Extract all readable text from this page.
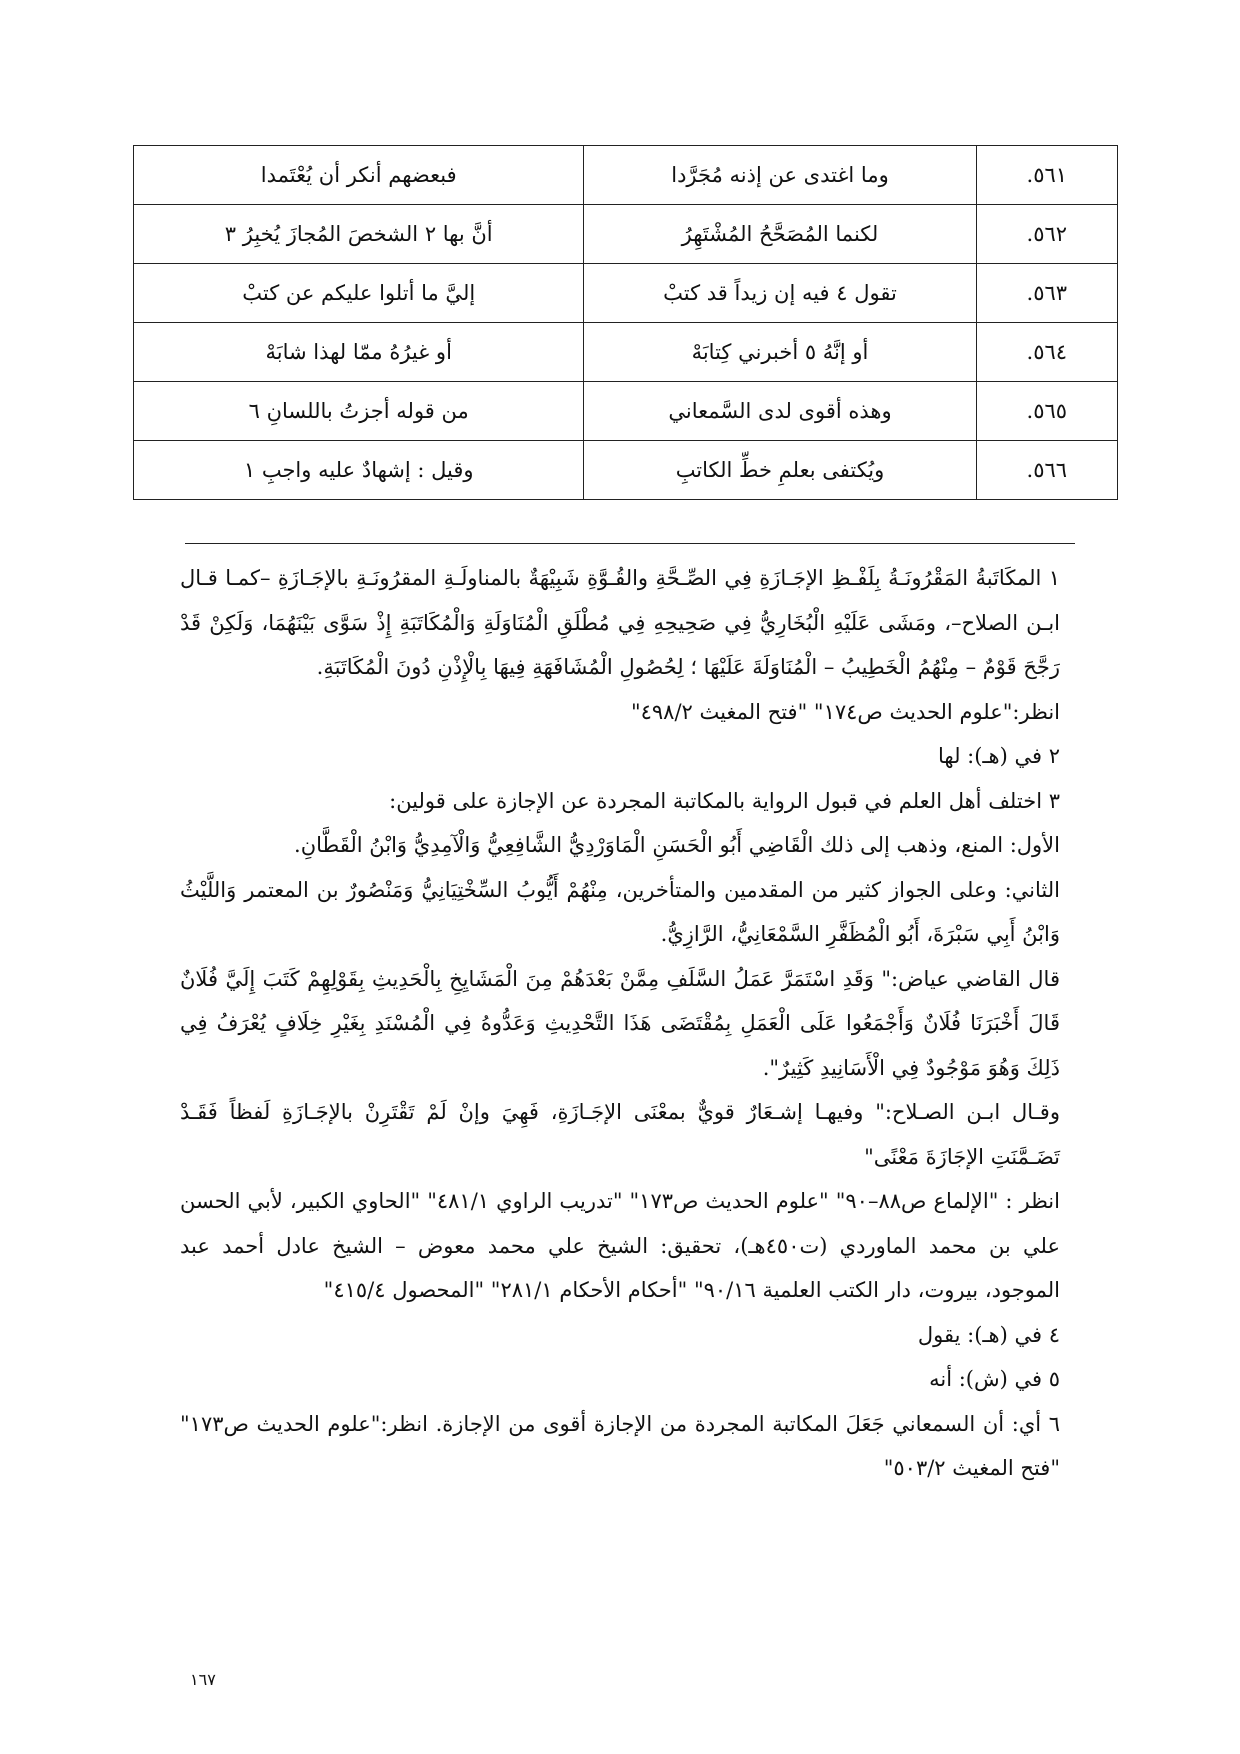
٥٦١.	وما اغتدى عن إذنه مُجَرَّدا	فبعضهم أنكر أن يُعْتَمدا
٥٦٢.	لكنما المُصَحَّحُ المُشْتَهِرُ	أنَّ بها ٢ الشخصَ المُجازَ يُخبِرُ ٣
٥٦٣.	تقول ٤ فيه إن زيداً قد كتبْ	إليَّ ما أتلوا عليكم عن كتبْ
٥٦٤.	أو إنَّهُ ٥ أخبرني كِتابَهْ	أو غيرُهُ ممّا لهذا شابَهْ
٥٦٥.	وهذه أقوى لدى السَّمعاني	من قوله أجزتُ باللسانِ ٦
٥٦٦.	ويُكتفى بعلمِ خطِّ الكاتبِ	وقيل : إشهادٌ عليه واجبِ ١

١ المكَاتَبةُ المَقْرُونَـةُ بِلَفْـظِ الإجَـازَةِ فِي الصِّـحَّةِ والقُـوَّةِ شَبِيْهَةٌ بالمناولَـةِ المقرُونَـةِ بالإجَـازَةِ –كمـا قـال ابـن الصلاح–، ومَشَى عَلَيْهِ الْبُخَارِيُّ فِي صَحِيحِهِ فِي مُطْلَقِ الْمُنَاوَلَةِ وَالْمُكَاتَبَةِ إِذْ سَوَّى بَيْنَهُمَا، وَلَكِنْ قَدْ رَجَّحَ قَوْمٌ – مِنْهُمُ الْخَطِيبُ – الْمُنَاوَلَةَ عَلَيْهَا ؛ لِحُصُولِ الْمُشَافَهَةِ فِيهَا بِالْإِذْنِ دُونَ الْمُكَاتَبَةِ.

انظر:"علوم الحديث ص١٧٤" "فتح المغيث ٤٩٨/٢"

٢ في (هـ): لها

٣ اختلف أهل العلم في قبول الرواية بالمكاتبة المجردة عن الإجازة على قولين:

الأول: المنع، وذهب إلى ذلك الْقَاضِي أَبُو الْحَسَنِ الْمَاوَرْدِيُّ الشَّافِعِيُّ وَالْآمِدِيُّ وَابْنُ الْقَطَّانِ.

الثاني: وعلى الجواز كثير من المقدمين والمتأخرين، مِنْهُمْ أَيُّوبُ السِّخْتِيَانِيُّ وَمَنْصُورٌ بن المعتمر وَاللَّيْثُ وَابْنُ أَبِي سَبْرَةَ، أَبُو الْمُظَفَّرِ السَّمْعَانِيُّ، الرَّازِيُّ.

قال القاضي عياض:" وَقَدِ اسْتَمَرَّ عَمَلُ السَّلَفِ مِمَّنْ بَعْدَهُمْ مِنَ الْمَشَايِخِ بِالْحَدِيثِ بِقَوْلِهِمْ كَتَبَ إِلَيَّ فُلَانٌ قَالَ أَخْبَرَنَا فُلَانٌ وَأَجْمَعُوا عَلَى الْعَمَلِ بِمُقْتَضَى هَذَا التَّحْدِيثِ وَعَدُّوهُ فِي الْمُسْنَدِ بِغَيْرِ خِلَافٍ يُعْرَفُ فِي ذَلِكَ وَهُوَ مَوْجُودٌ فِي الْأَسَانِيدِ كَثِيرٌ".

وقـال ابـن الصـلاح:" وفيهـا إشـعَارٌ قويٌّ بمعْنَى الإجَـازَةِ، فَهِيَ وإنْ لَمْ تَقْتَرِنْ بالإجَـازَةِ لَفظاً فَقَـدْ تَضَـمَّنَتِ الإجَازَةَ مَعْنًى"

انظر : "الإلماع ص٨٨–٩٠" "علوم الحديث ص١٧٣" "تدريب الراوي ٤٨١/١" "الحاوي الكبير، لأبي الحسن علي بن محمد الماوردي (ت٤٥٠هـ)، تحقيق: الشيخ علي محمد معوض – الشيخ عادل أحمد عبد الموجود، بيروت، دار الكتب العلمية ٩٠/١٦" "أحكام الأحكام ٢٨١/١" "المحصول ٤١٥/٤"

٤ في (هـ): يقول

٥ في (ش): أنه

٦ أي: أن السمعاني جَعَلَ المكاتبة المجردة من الإجازة أقوى من الإجازة. انظر:"علوم الحديث ص١٧٣" "فتح المغيث ٥٠٣/٢"

١٦٧
